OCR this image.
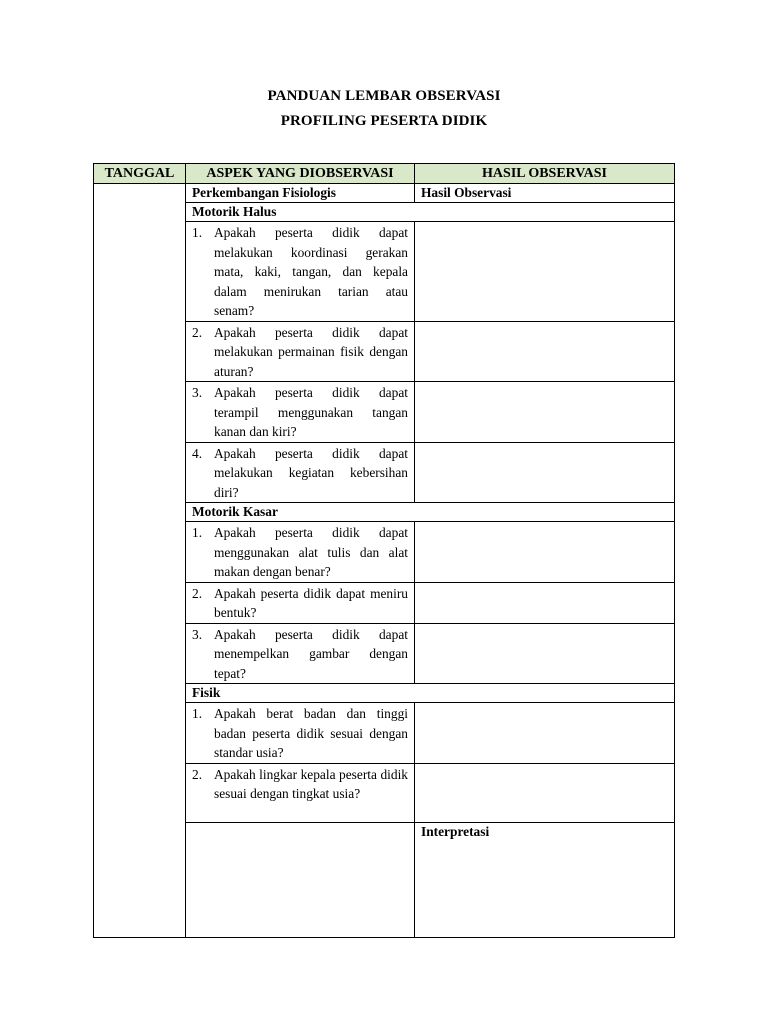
PANDUAN LEMBAR OBSERVASI
PROFILING PESERTA DIDIK
TANGGAL	ASPEK YANG DIOBSERVASI	HASIL OBSERVASI
	Perkembangan Fisiologis	Hasil Observasi
	Motorik Halus	

	1. Apakah peserta didik dapat melakukan koordinasi gerakan mata, kaki, tangan, dan kepala dalam menirukan tarian atau senam?	

	2. Apakah peserta didik dapat melakukan permainan fisik dengan aturan?	

	3. Apakah peserta didik dapat terampil menggunakan tangan kanan dan kiri?	

	4. Apakah peserta didik dapat melakukan kegiatan kebersihan diri?	

	Motorik Kasar	

	1. Apakah peserta didik dapat menggunakan alat tulis dan alat makan dengan benar?	

	2. Apakah peserta didik dapat meniru bentuk?	

	3. Apakah peserta didik dapat menempelkan gambar dengan tepat?	

	Fisik	

	1. Apakah berat badan dan tinggi badan peserta didik sesuai dengan standar usia?	

	2. Apakah lingkar kepala peserta didik sesuai dengan tingkat usia?	

		Interpretasi
